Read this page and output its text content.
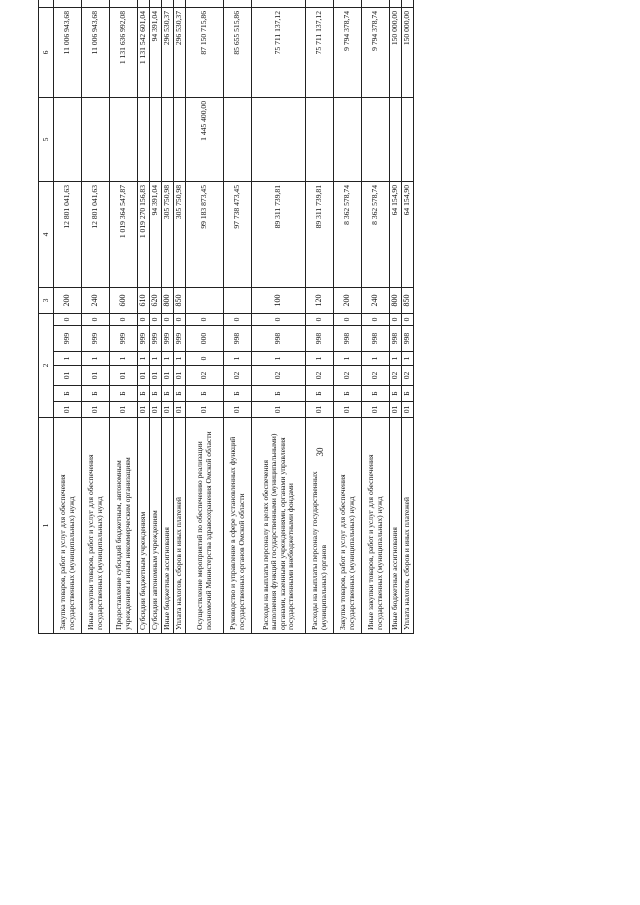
30
1	2						3	4	5	6				
Закупка товаров, работ и услуг для обеспечения государственных (муниципальных) нужд	01	Б	01	1	999	0	200	12 801 041,63		11 006 943,68			
Иные закупки товаров, работ и услуг для обеспечения государственных (муниципальных) нужд	01	Б	01	1	999	0	240	12 801 041,63		11 006 943,68			
Предоставление субсидий бюджетным, автономным учреждениям и иным некоммерческим организациям	01	Б	01	1	999	0	600	1 019 364 547,87		1 131 636 992,08			
Субсидии бюджетным учреждениям	01	Б	01	1	999	0	610	1 019 270 156,83		1 131 542 601,04			
Субсидии автономным учреждениям	01	Б	01	1	999	0	620	94 391,04		94 391,04			
Иные бюджетные ассигнования	01	Б	01	1	999	0	800	305 750,98		296 530,37			
Уплата налогов, сборов и иных платежей	01	Б	01	1	999	0	850	305 750,98		296 530,37			
Осуществление мероприятий по обеспечению реализации полномочий Министерства здравоохранения Омской области	01	Б	02	0	000	0		99 183 873,45	1 445 400,00	87 150 715,86			
Руководство и управление в сфере установленных функций государственных органов Омской области	01	Б	02	1	998	0		97 738 473,45		85 655 515,86			
Расходы на выплаты персоналу в целях обеспечения выполнения функций государственными (муниципальными) органами, казенными учреждениями, органами управления государственными внебюджетными фондами	01	Б	02	1	998	0	100	89 311 739,81		75 711 137,12			
Расходы на выплаты персоналу государственных (муниципальных) органов	01	Б	02	1	998	0	120	89 311 739,81		75 711 137,12			
Закупка товаров, работ и услуг для обеспечения государственных (муниципальных) нужд	01	Б	02	1	998	0	200	8 362 578,74		9 794 378,74			
Иные закупки товаров, работ и услуг для обеспечения государственных (муниципальных) нужд	01	Б	02	1	998	0	240	8 362 578,74		9 794 378,74			
Иные бюджетные ассигнования	01	Б	02	1	998	0	800	64 154,90		150 000,00			
Уплата налогов, сборов и иных платежей	01	Б	02	1	998	0	850	64 154,90		150 000,00			
